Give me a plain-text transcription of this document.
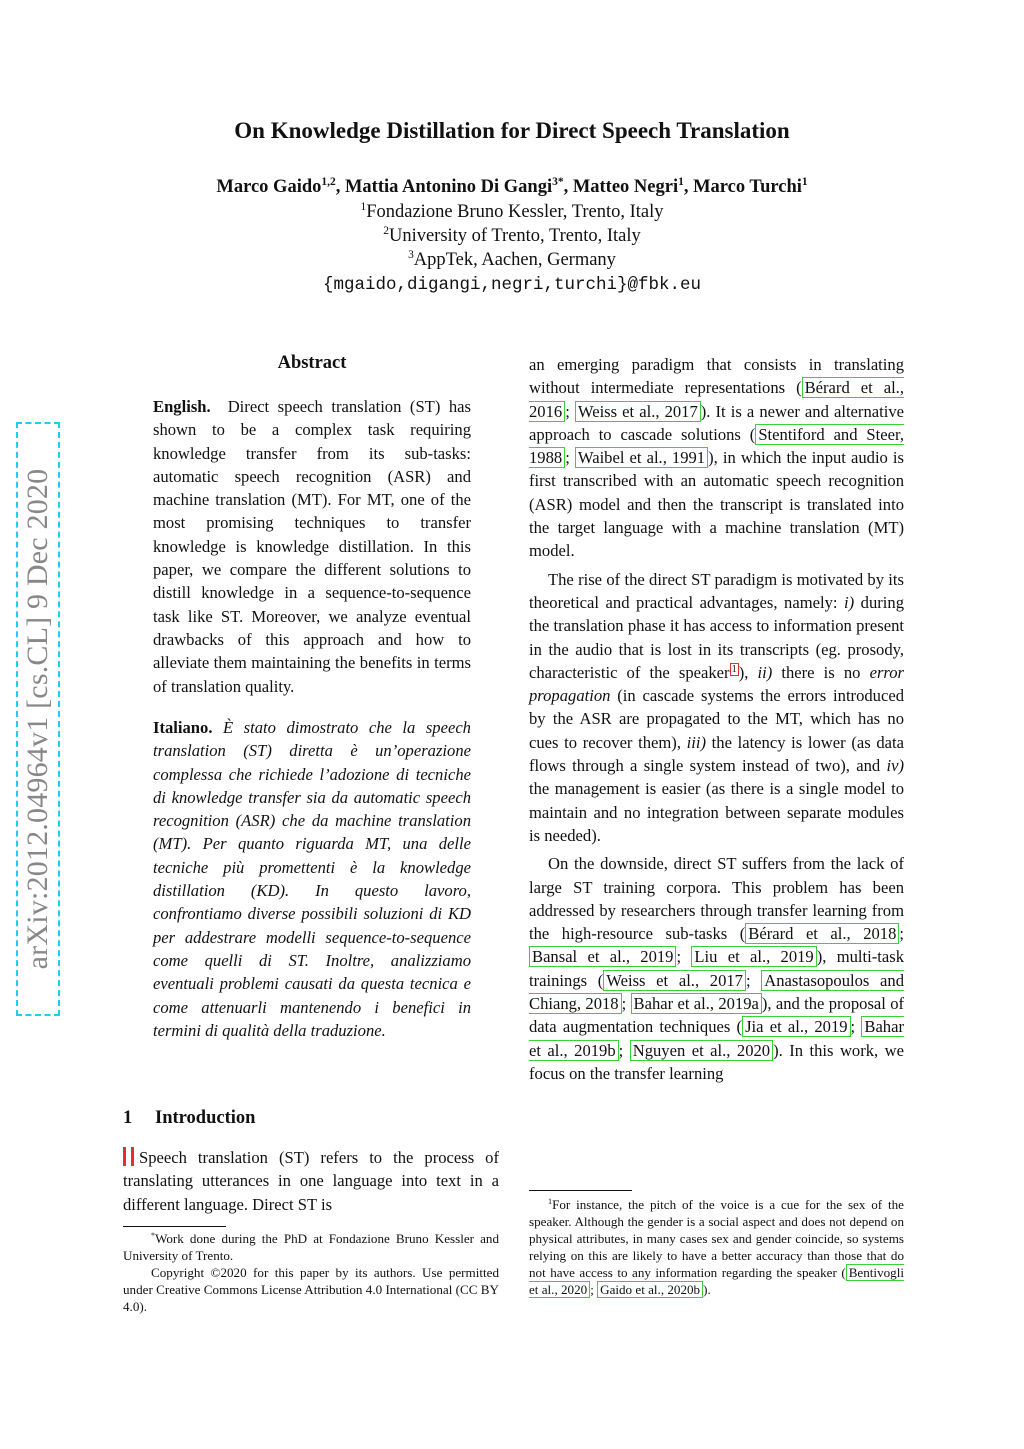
arXiv:2012.04964v1 [cs.CL] 9 Dec 2020
On Knowledge Distillation for Direct Speech Translation
Marco Gaido$^{1,2}$, Mattia Antonino Di Gangi$^{3*}$, Matteo Negri$^1$, Marco Turchi$^1$
$^1$Fondazione Bruno Kessler, Trento, Italy
$^2$University of Trento, Trento, Italy
$^3$AppTek, Aachen, Germany
{mgaido,digangi,negri,turchi}@fbk.eu
Abstract

English. Direct speech translation (ST) has shown to be a complex task requiring knowledge transfer from its sub-tasks: automatic speech recognition (ASR) and machine translation (MT). For MT, one of the most promising techniques to transfer knowledge is knowledge distillation. In this paper, we compare the different solutions to distill knowledge in a sequence-to-sequence task like ST. Moreover, we analyze eventual drawbacks of this approach and how to alleviate them maintaining the benefits in terms of translation quality.

Italiano. È stato dimostrato che la speech translation (ST) diretta è un’operazione complessa che richiede l’adozione di tecniche di knowledge transfer sia da automatic speech recognition (ASR) che da machine translation (MT). Per quanto riguarda MT, una delle tecniche più promettenti è la knowledge distillation (KD). In questo lavoro, confrontiamo diverse possibili soluzioni di KD per addestrare modelli sequence-to-sequence come quelli di ST. Inoltre, analizziamo eventuali problemi causati da questa tecnica e come attenuarli mantenendo i benefici in termini di qualità della traduzione.

1 Introduction

Speech translation (ST) refers to the process of translating utterances in one language into text in a different language. Direct ST is

*Work done during the PhD at Fondazione Bruno Kessler and University of Trento.

Copyright ©2020 for this paper by its authors. Use permitted under Creative Commons License Attribution 4.0 International (CC BY 4.0).

an emerging paradigm that consists in translating without intermediate representations ( Bérard et al., 2016 ; Weiss et al., 2017 ). It is a newer and alternative approach to cascade solutions ( Stentiford and Steer, 1988 ; Waibel et al., 1991 ), in which the input audio is first transcribed with an automatic speech recognition (ASR) model and then the transcript is translated into the target language with a machine translation (MT) model.

The rise of the direct ST paradigm is motivated by its theoretical and practical advantages, namely: i) during the translation phase it has access to information present in the audio that is lost in its transcripts (eg. prosody, characteristic of the speaker $^1$ ), ii) there is no error propagation (in cascade systems the errors introduced by the ASR are propagated to the MT, which has no cues to recover them), iii) the latency is lower (as data flows through a single system instead of two), and iv) the management is easier (as there is a single model to maintain and no integration between separate modules is needed).

On the downside, direct ST suffers from the lack of large ST training corpora. This problem has been addressed by researchers through transfer learning from the high-resource sub-tasks ( Bérard et al., 2018 ; Bansal et al., 2019 ; Liu et al., 2019 ), multi-task trainings ( Weiss et al., 2017 ; Anastasopoulos and Chiang, 2018 ; Bahar et al., 2019a ), and the proposal of data augmentation techniques ( Jia et al., 2019 ; Bahar et al., 2019b ; Nguyen et al., 2020 ). In this work, we focus on the transfer learning

$^1$For instance, the pitch of the voice is a cue for the sex of the speaker. Although the gender is a social aspect and does not depend on physical attributes, in many cases sex and gender coincide, so systems relying on this are likely to have a better accuracy than those that do not have access to any information regarding the speaker ( Bentivogli et al., 2020 ; Gaido et al., 2020b ).
